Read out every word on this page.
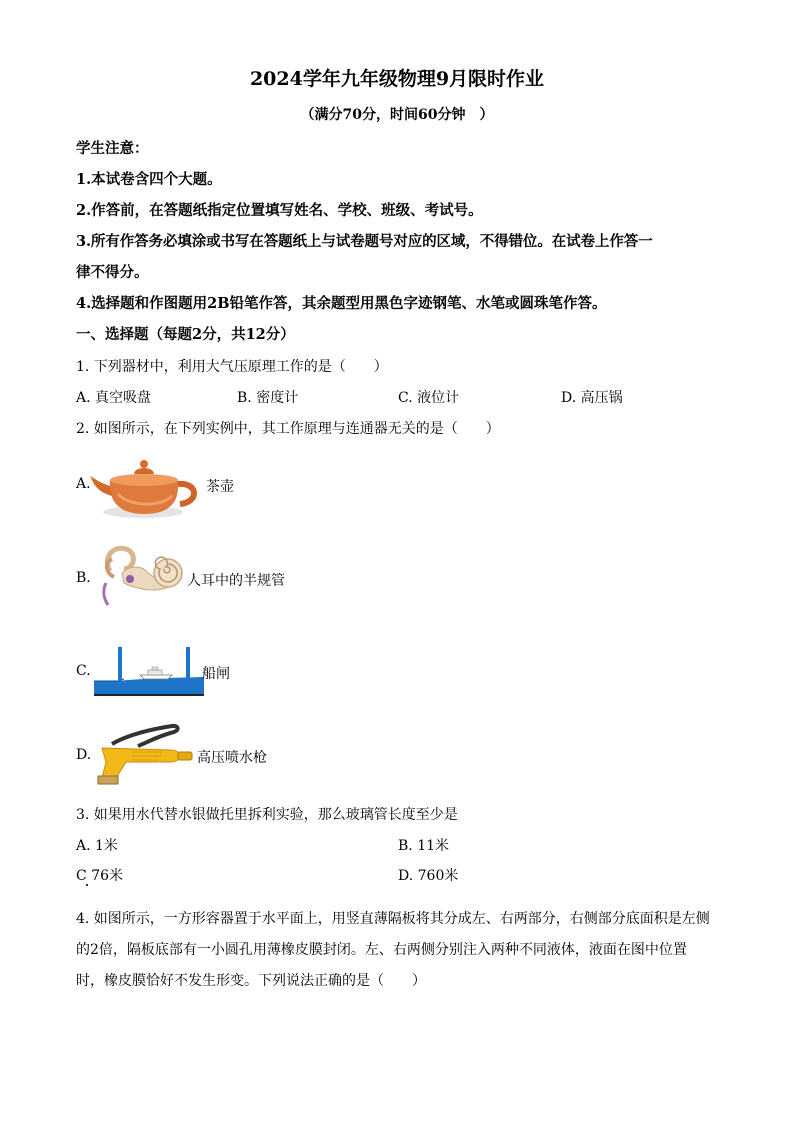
2024学年九年级物理9月限时作业
（满分70分，时间60分钟　）
学生注意：
1.本试卷含四个大题。
2.作答前，在答题纸指定位置填写姓名、学校、班级、考试号。
3.所有作答务必填涂或书写在答题纸上与试卷题号对应的区域，不得错位。在试卷上作答一
律不得分。
4.选择题和作图题用2B铅笔作答，其余题型用黑色字迹钢笔、水笔或圆珠笔作答。
一、选择题（每题2分，共12分）
1. 下列器材中，利用大气压原理工作的是（　　）
A. 真空吸盘	B. 密度计	C. 液位计	D. 高压锅
2. 如图所示，在下列实例中，其工作原理与连通器无关的是（　　）
A.	茶壶
B.	人耳中的半规管
C.	船闸
D.	高压喷水枪
3. 如果用水代替水银做托里拆利实验，那么玻璃管长度至少是
A. 1米	B. 11米
C 76米	D. 760米
4. 如图所示，一方形容器置于水平面上，用竖直薄隔板将其分成左、右两部分，右侧部分底面积是左侧
的2倍，隔板底部有一小圆孔用薄橡皮膜封闭。左、右两侧分别注入两种不同液体，液面在图中位置
时，橡皮膜恰好不发生形变。下列说法正确的是（　　）
